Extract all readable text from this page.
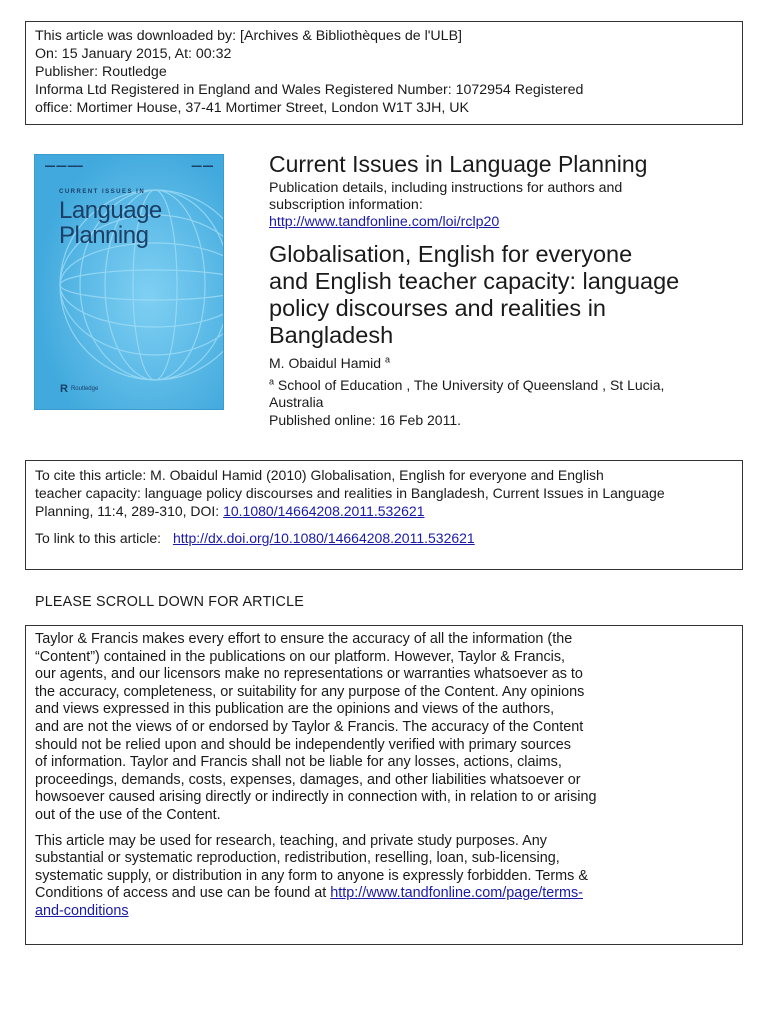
This article was downloaded by: [Archives & Bibliothèques de l'ULB]
On: 15 January 2015, At: 00:32
Publisher: Routledge
Informa Ltd Registered in England and Wales Registered Number: 1072954 Registered
office: Mortimer House, 37-41 Mortimer Street, London W1T 3JH, UK
▬▬ ▬▬ ▬▬▬	▬▬ ▬▬
CURRENT ISSUES IN
Language
Planning
R Routledge
Current Issues in Language Planning
Publication details, including instructions for authors and
subscription information:
http://www.tandfonline.com/loi/rclp20
Globalisation, English for everyone
and English teacher capacity: language
policy discourses and realities in
Bangladesh
M. Obaidul Hamid $^a$
$^a$ School of Education , The University of Queensland , St Lucia,
Australia
Published online: 16 Feb 2011.
To cite this article: M. Obaidul Hamid (2010) Globalisation, English for everyone and English
teacher capacity: language policy discourses and realities in Bangladesh, Current Issues in Language
Planning, 11:4, 289-310, DOI: 10.1080/14664208.2011.532621
To link to this article: http://dx.doi.org/10.1080/14664208.2011.532621
PLEASE SCROLL DOWN FOR ARTICLE
Taylor & Francis makes every effort to ensure the accuracy of all the information (the
“Content”) contained in the publications on our platform. However, Taylor & Francis,
our agents, and our licensors make no representations or warranties whatsoever as to
the accuracy, completeness, or suitability for any purpose of the Content. Any opinions
and views expressed in this publication are the opinions and views of the authors,
and are not the views of or endorsed by Taylor & Francis. The accuracy of the Content
should not be relied upon and should be independently verified with primary sources
of information. Taylor and Francis shall not be liable for any losses, actions, claims,
proceedings, demands, costs, expenses, damages, and other liabilities whatsoever or
howsoever caused arising directly or indirectly in connection with, in relation to or arising
out of the use of the Content.
This article may be used for research, teaching, and private study purposes. Any
substantial or systematic reproduction, redistribution, reselling, loan, sub-licensing,
systematic supply, or distribution in any form to anyone is expressly forbidden. Terms &
Conditions of access and use can be found at http://www.tandfonline.com/page/terms-
and-conditions
